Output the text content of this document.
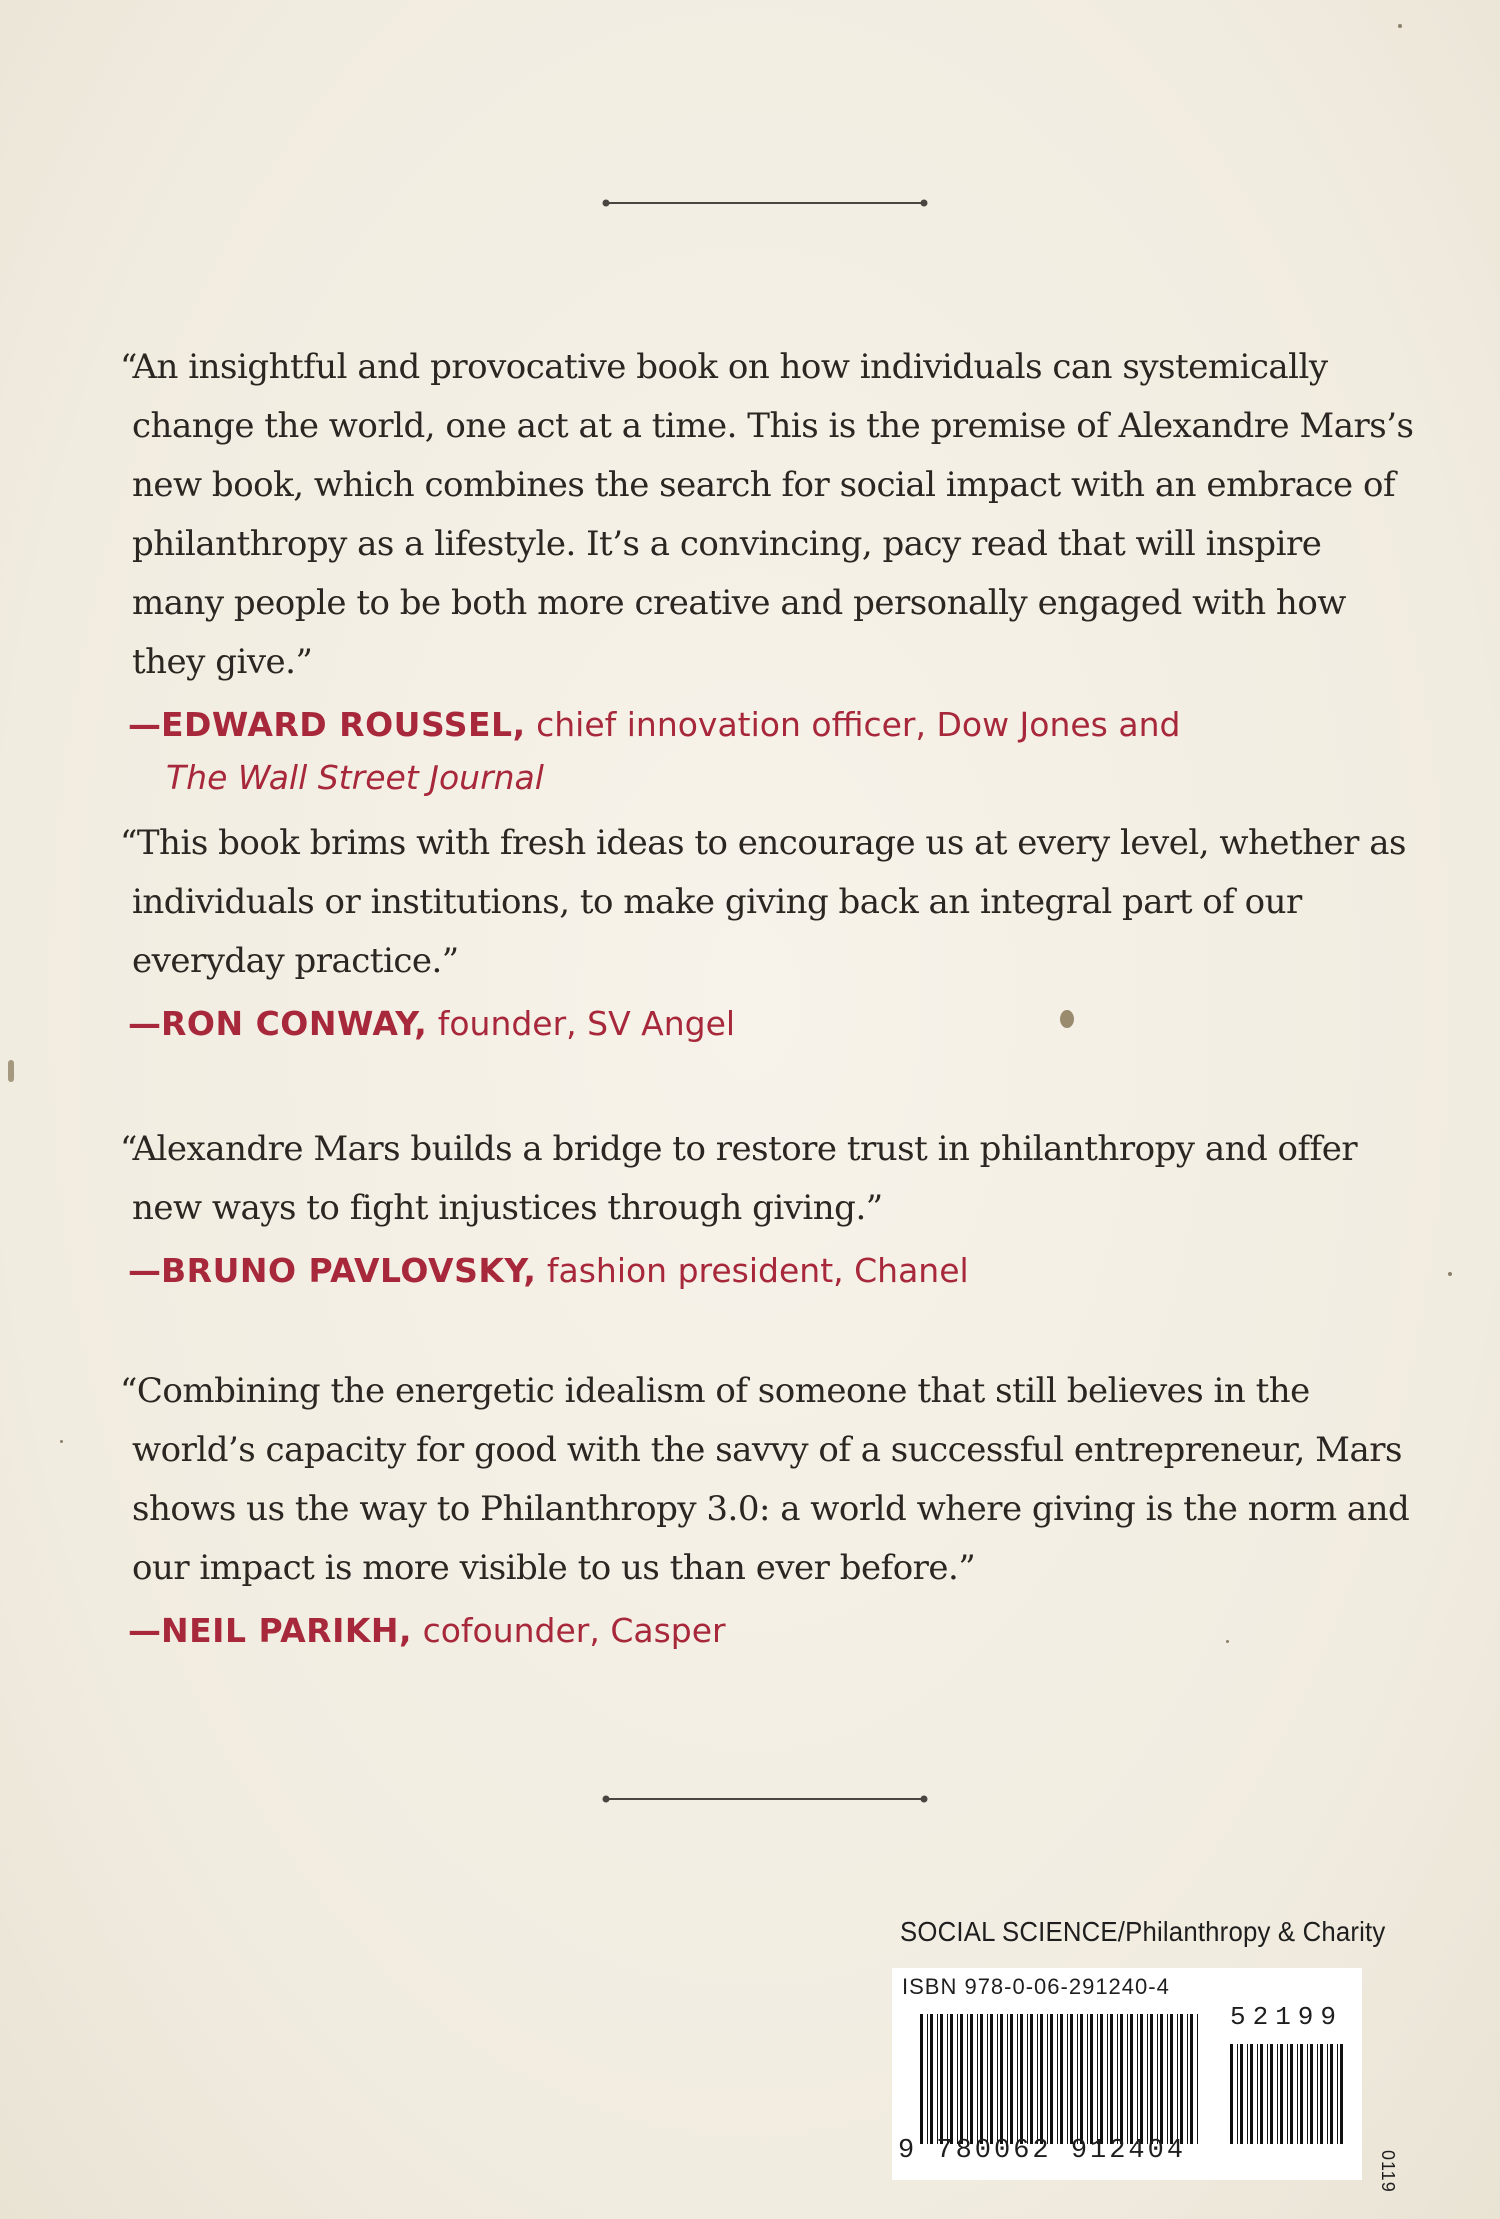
“An insightful and provocative book on how individuals can systemically change the world, one act at a time. This is the premise of Alexandre Mars’s new book, which combines the search for social impact with an embrace of philanthropy as a lifestyle. It’s a convincing, pacy read that will inspire many people to be both more creative and personally engaged with how they give.”

—EDWARD ROUSSEL, chief innovation officer, Dow Jones and
The Wall Street Journal

“This book brims with fresh ideas to encourage us at every level, whether as individuals or institutions, to make giving back an integral part of our everyday practice.”

—RON CONWAY, founder, SV Angel

“Alexandre Mars builds a bridge to restore trust in philanthropy and offer new ways to fight injustices through giving.”

—BRUNO PAVLOVSKY, fashion president, Chanel

“Combining the energetic idealism of someone that still believes in the world’s capacity for good with the savvy of a successful entrepreneur, Mars shows us the way to Philanthropy 3.0: a world where giving is the norm and our impact is more visible to us than ever before.”

—NEIL PARIKH, cofounder, Casper
SOCIAL SCIENCE/Philanthropy & Charity
ISBN 978-0-06-291240-4
52199
9 780062 912404	0119
